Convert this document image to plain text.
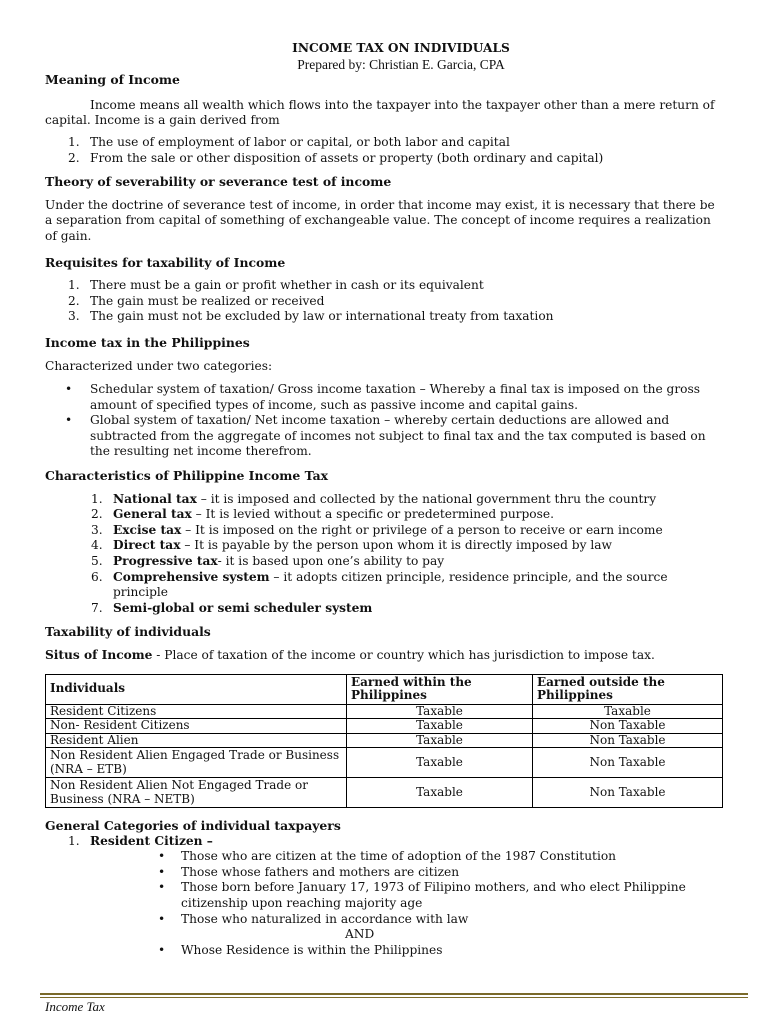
INCOME TAX ON INDIVIDUALS
Prepared by: Christian E. Garcia, CPA
Meaning of Income

Income means all wealth which flows into the taxpayer into the taxpayer other than a mere return of capital. Income is a gain derived from

1. The use of employment of labor or capital, or both labor and capital
2. From the sale or other disposition of assets or property (both ordinary and capital)
Theory of severability or severance test of income

Under the doctrine of severance test of income, in order that income may exist, it is necessary that there be a separation from capital of something of exchangeable value. The concept of income requires a realization of gain.

Requisites for taxability of Income
1. There must be a gain or profit whether in cash or its equivalent
2. The gain must be realized or received
3. The gain must not be excluded by law or international treaty from taxation
Income tax in the Philippines

Characterized under two categories:

• Schedular system of taxation/ Gross income taxation – Whereby a final tax is imposed on the gross amount of specified types of income, such as passive income and capital gains.
• Global system of taxation/ Net income taxation – whereby certain deductions are allowed and subtracted from the aggregate of incomes not subject to final tax and the tax computed is based on the resulting net income therefrom.
Characteristics of Philippine Income Tax
1. National tax – it is imposed and collected by the national government thru the country
2. General tax – It is levied without a specific or predetermined purpose.
3. Excise tax – It is imposed on the right or privilege of a person to receive or earn income
4. Direct tax – It is payable by the person upon whom it is directly imposed by law
5. Progressive tax- it is based upon one’s ability to pay
6. Comprehensive system – it adopts citizen principle, residence principle, and the source principle
7. Semi-global or semi scheduler system
Taxability of individuals

Situs of Income - Place of taxation of the income or country which has jurisdiction to impose tax.

Individuals	Earned within the Philippines	Earned outside the Philippines
Resident Citizens	Taxable	Taxable
Non- Resident Citizens	Taxable	Non Taxable
Resident Alien	Taxable	Non Taxable
Non Resident Alien Engaged Trade or Business (NRA – ETB)	Taxable	Non Taxable
Non Resident Alien Not Engaged Trade or Business (NRA – NETB)	Taxable	Non Taxable
General Categories of individual taxpayers
1. Resident Citizen –
• Those who are citizen at the time of adoption of the 1987 Constitution
• Those whose fathers and mothers are citizen
• Those born before January 17, 1973 of Filipino mothers, and who elect Philippine citizenship upon reaching majority age
• Those who naturalized in accordance with law
AND
• Whose Residence is within the Philippines
Income Tax
